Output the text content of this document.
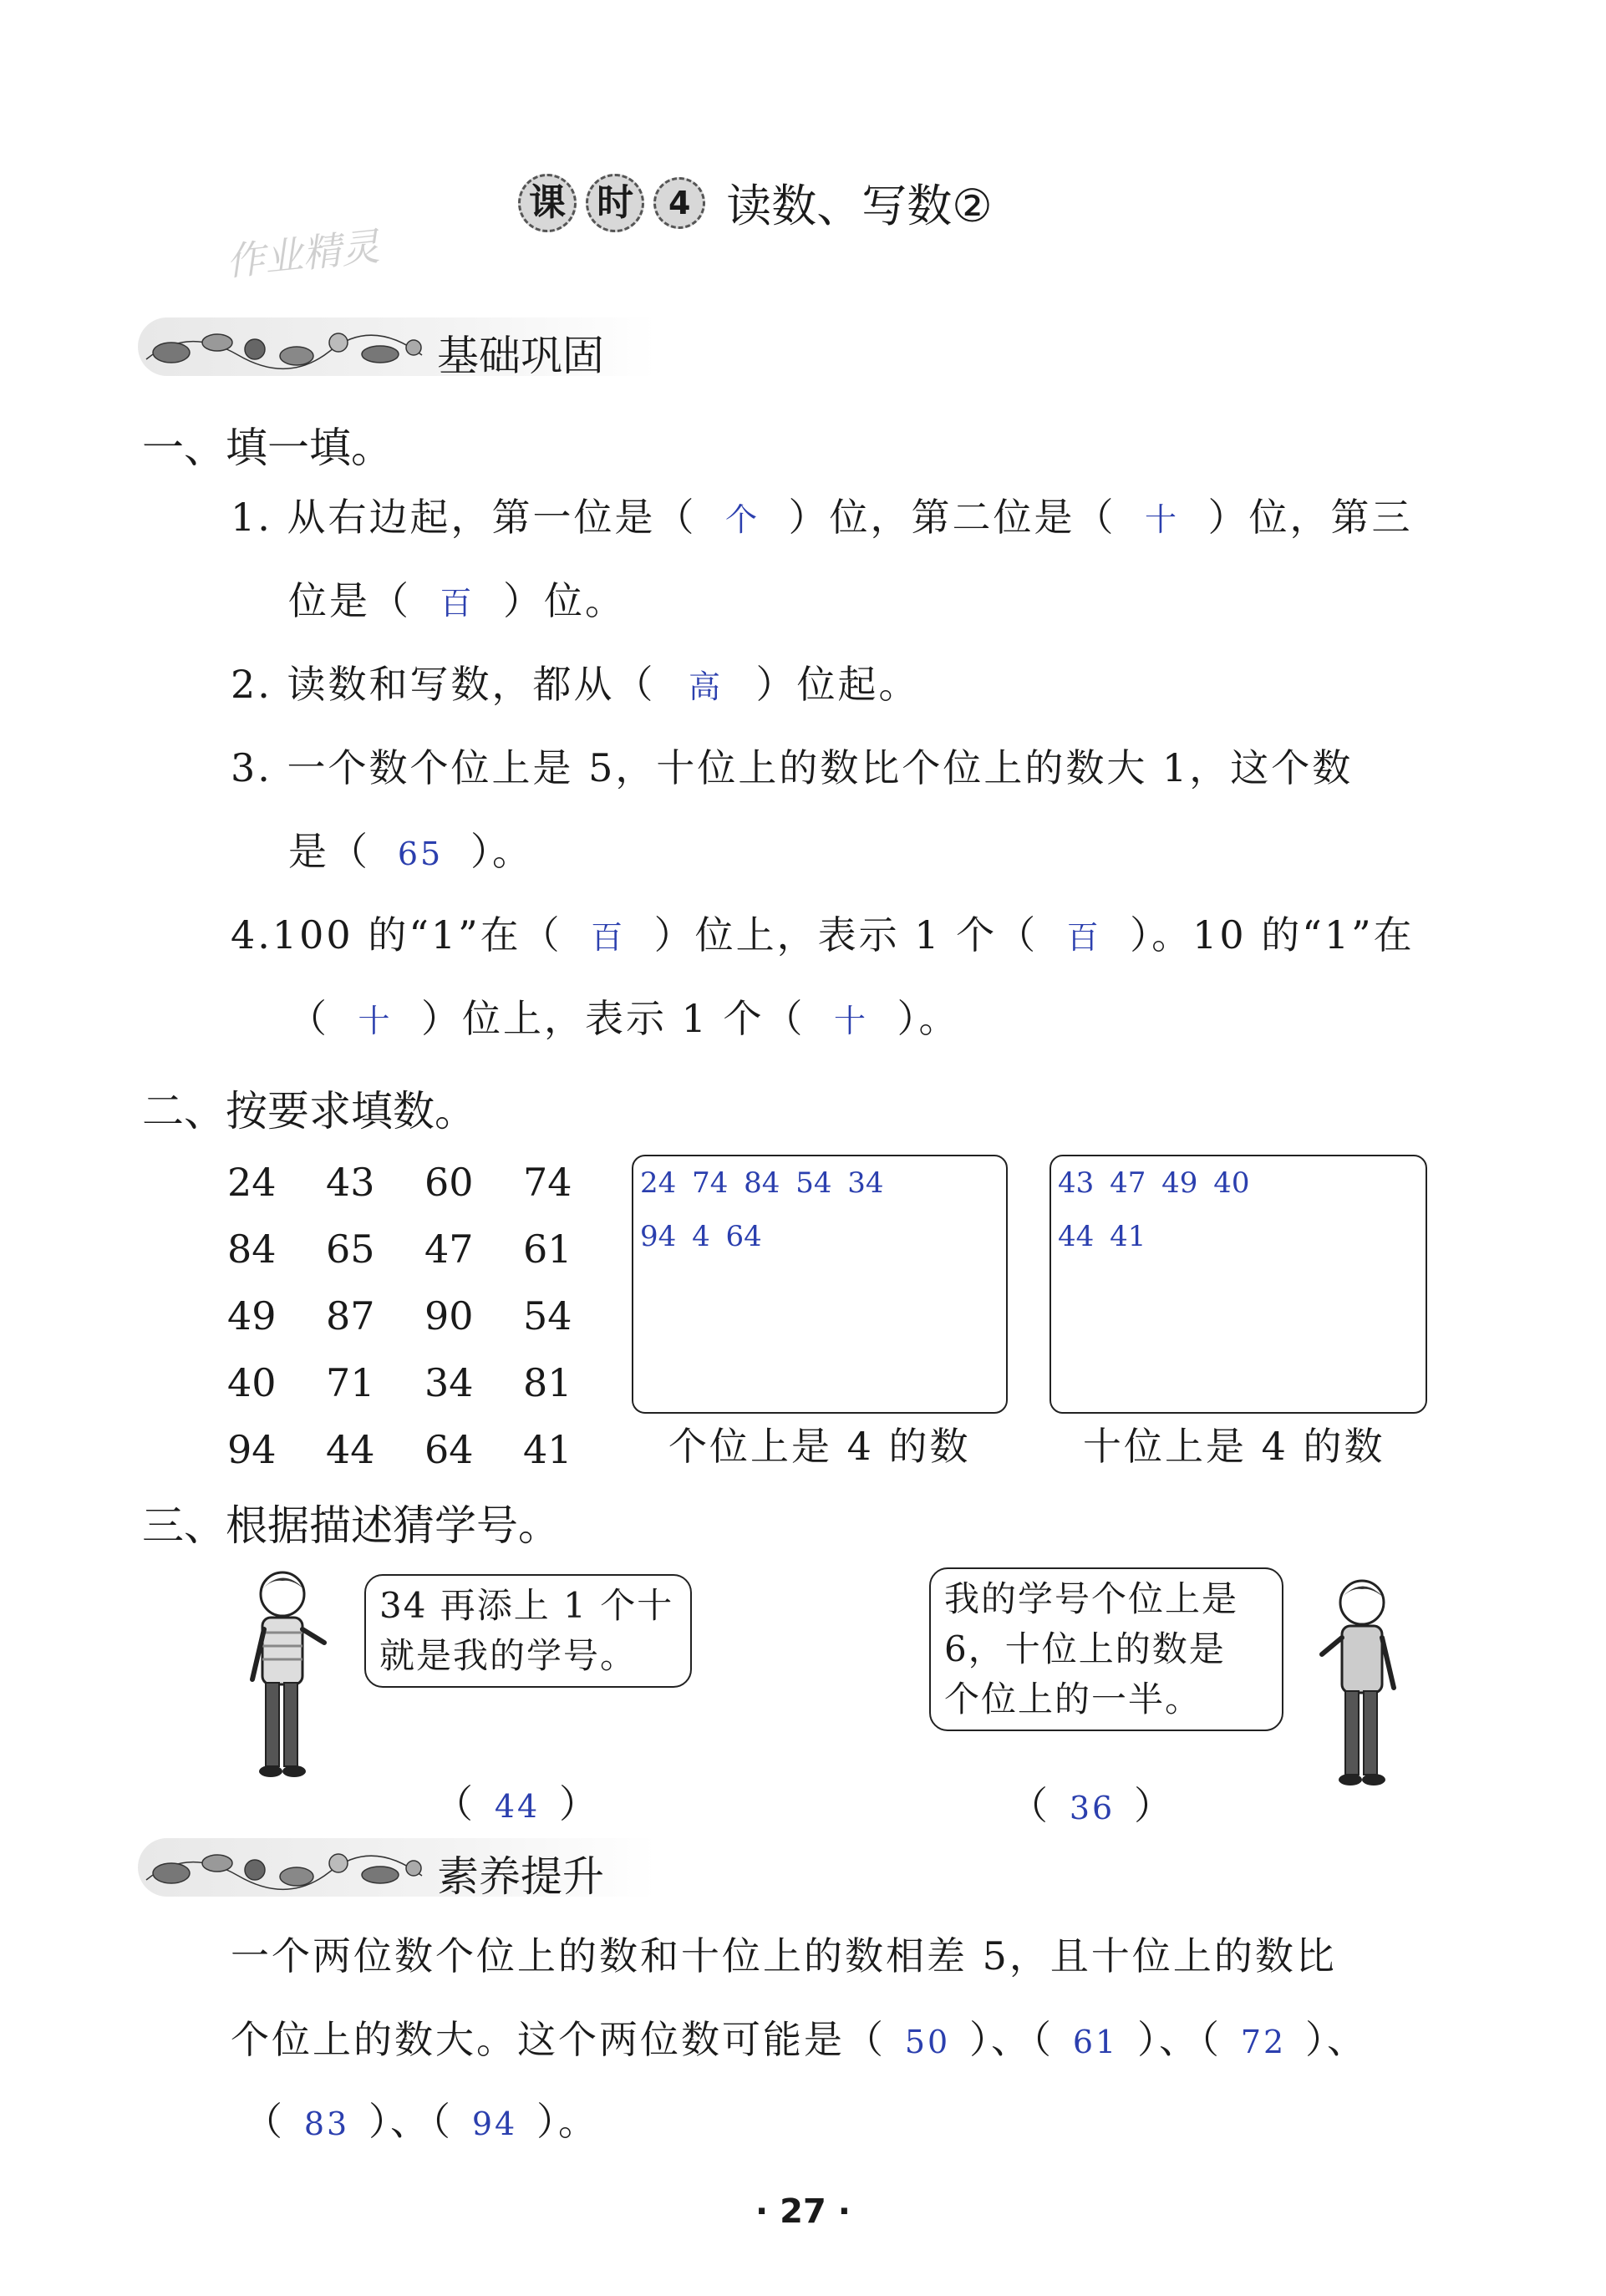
课 时 4 读数、写数②
作业精灵
基础巩固
一、填一填。
1. 从右边起，第一位是（ 个 ）位，第二位是（ 十 ）位，第三
位是（ 百 ）位。
2. 读数和写数，都从（ 高 ）位起。
3. 一个数个位上是 5，十位上的数比个位上的数大 1，这个数
是（ 65 ）。
4.100 的“1”在（ 百 ）位上，表示 1 个（ 百 ）。10 的“1”在
（ 十 ）位上，表示 1 个（ 十 ）。
二、按要求填数。
24	43	60	74
84	65	47	61
49	87	90	54
40	71	34	81
94	44	64	41
24 74 84 54 34
94 4 64
个位上是 4 的数
43 47 49 40
44 41
十位上是 4 的数
三、根据描述猜学号。
34 再添上 1 个十
就是我的学号。
（ 44 ）
我的学号个位上是
6，十位上的数是
个位上的一半。
（ 36 ）
素养提升
一个两位数个位上的数和十位上的数相差 5，且十位上的数比
个位上的数大。这个两位数可能是（ 50 ）、（ 61 ）、（ 72 ）、
（ 83 ）、（ 94 ）。
· 27 ·
